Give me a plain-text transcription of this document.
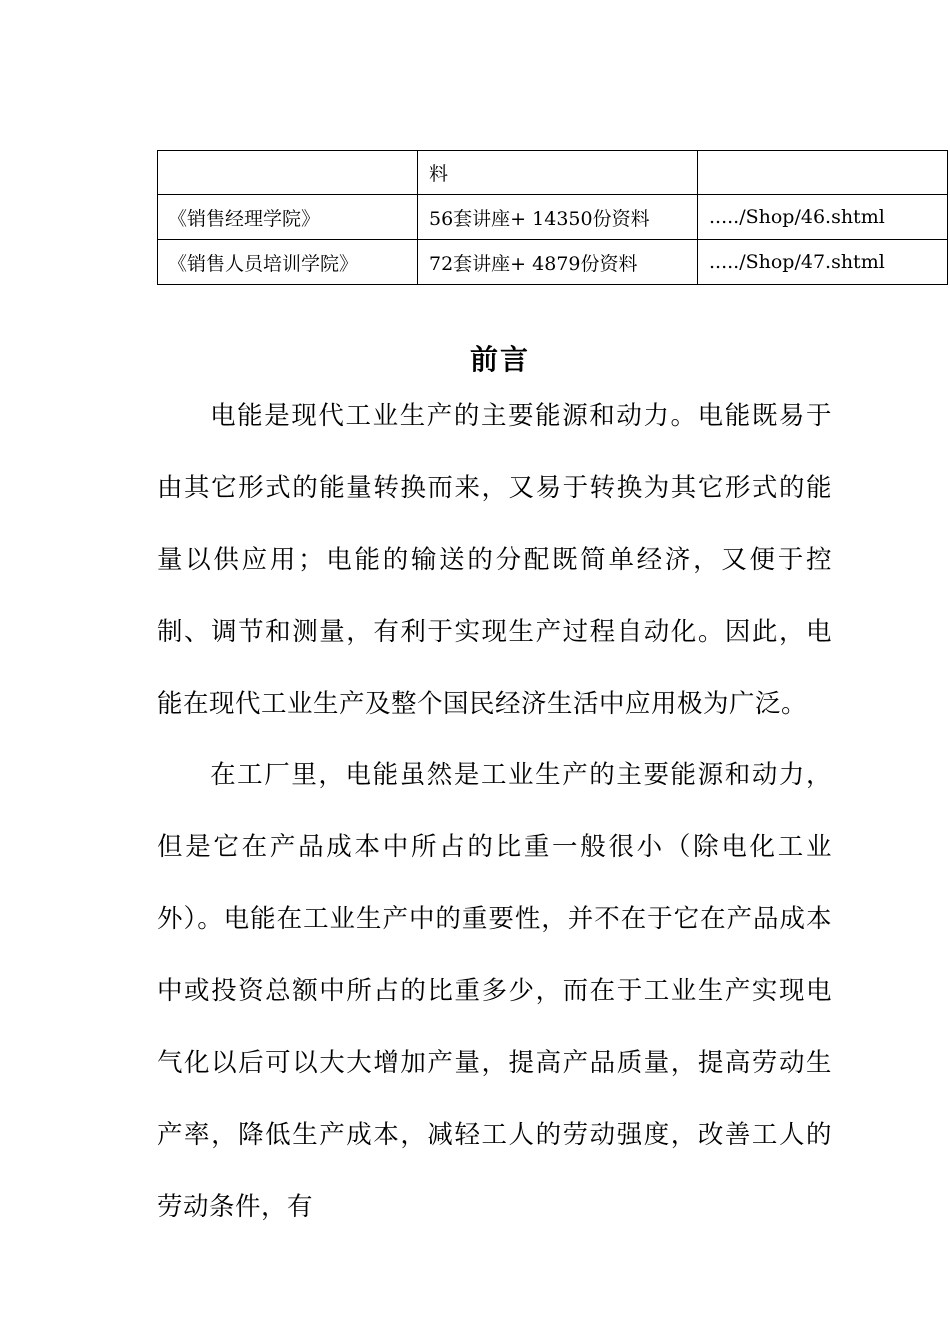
	料	
《销售经理学院》	56套讲座+ 14350份资料	...../Shop/46.shtml
《销售人员培训学院》	72套讲座+ 4879份资料	...../Shop/47.shtml
前言

电能是现代工业生产的主要能源和动力。电能既易于由其它形式的能量转换而来，又易于转换为其它形式的能量以供应用；电能的输送的分配既简单经济，又便于控制、调节和测量，有利于实现生产过程自动化。因此，电能在现代工业生产及整个国民经济生活中应用极为广泛。

在工厂里，电能虽然是工业生产的主要能源和动力，但是它在产品成本中所占的比重一般很小（除电化工业外）。电能在工业生产中的重要性，并不在于它在产品成本中或投资总额中所占的比重多少，而在于工业生产实现电气化以后可以大大增加产量，提高产品质量，提高劳动生产率，降低生产成本，减轻工人的劳动强度，改善工人的劳动条件，有
